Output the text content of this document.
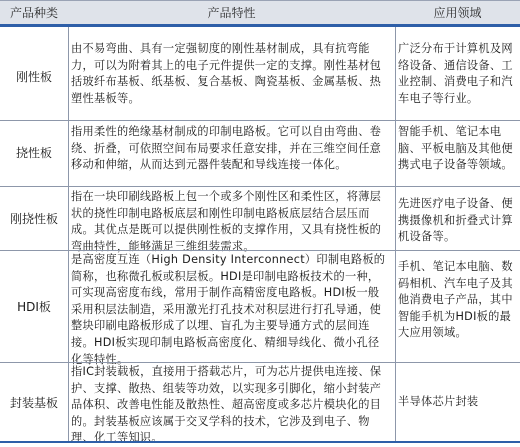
产品种类	产品特性	应用领域
刚性板
由不易弯曲、具有一定强韧度的刚性基材制成，具有抗弯能力，可以为附着其上的电子元件提供一定的支撑。刚性基材包括玻纤布基板、纸基板、复合基板、陶瓷基板、金属基板、热塑性基板等。
广泛分布于计算机及网络设备、通信设备、工业控制、消费电子和汽车电子等行业。
挠性板
指用柔性的绝缘基材制成的印制电路板。它可以自由弯曲、卷绕、折叠，可依照空间布局要求任意安排，并在三维空间任意移动和伸缩，从而达到元器件装配和导线连接一体化。
智能手机、笔记本电脑、平板电脑及其他便携式电子设备等领域。
刚挠性板
指在一块印刷线路板上包一个或多个刚性区和柔性区，将薄层状的挠性印制电路板底层和刚性印制电路板底层结合层压而成。其优点是既可以提供刚性板的支撑作用，又具有挠性板的弯曲特性，能够满足三维组装需求。
先进医疗电子设备、便携摄像机和折叠式计算机设备等。
HDI板
是高密度互连（High Density Interconnect）印制电路板的简称，也称微孔板或积层板。HDI是印制电路板技术的一种，可实现高密度布线，常用于制作高精密度电路板。HDI板一般采用积层法制造，采用激光打孔技术对积层进行打孔导通，使整块印刷电路板形成了以埋、盲孔为主要导通方式的层间连接。HDI板实现印制电路板高密度化、精细导线化、微小孔径化等特性。
手机、笔记本电脑、数码相机、汽车电子及其他消费电子产品，其中智能手机为HDI板的最大应用领域。
封装基板
指IC封装载板，直接用于搭载芯片，可为芯片提供电连接、保护、支撑、散热、组装等功效，以实现多引脚化，缩小封装产品体积、改善电性能及散热性、超高密度或多芯片模块化的目的。封装基板应该属于交叉学科的技术，它涉及到电子、物理、化工等知识。
半导体芯片封装
